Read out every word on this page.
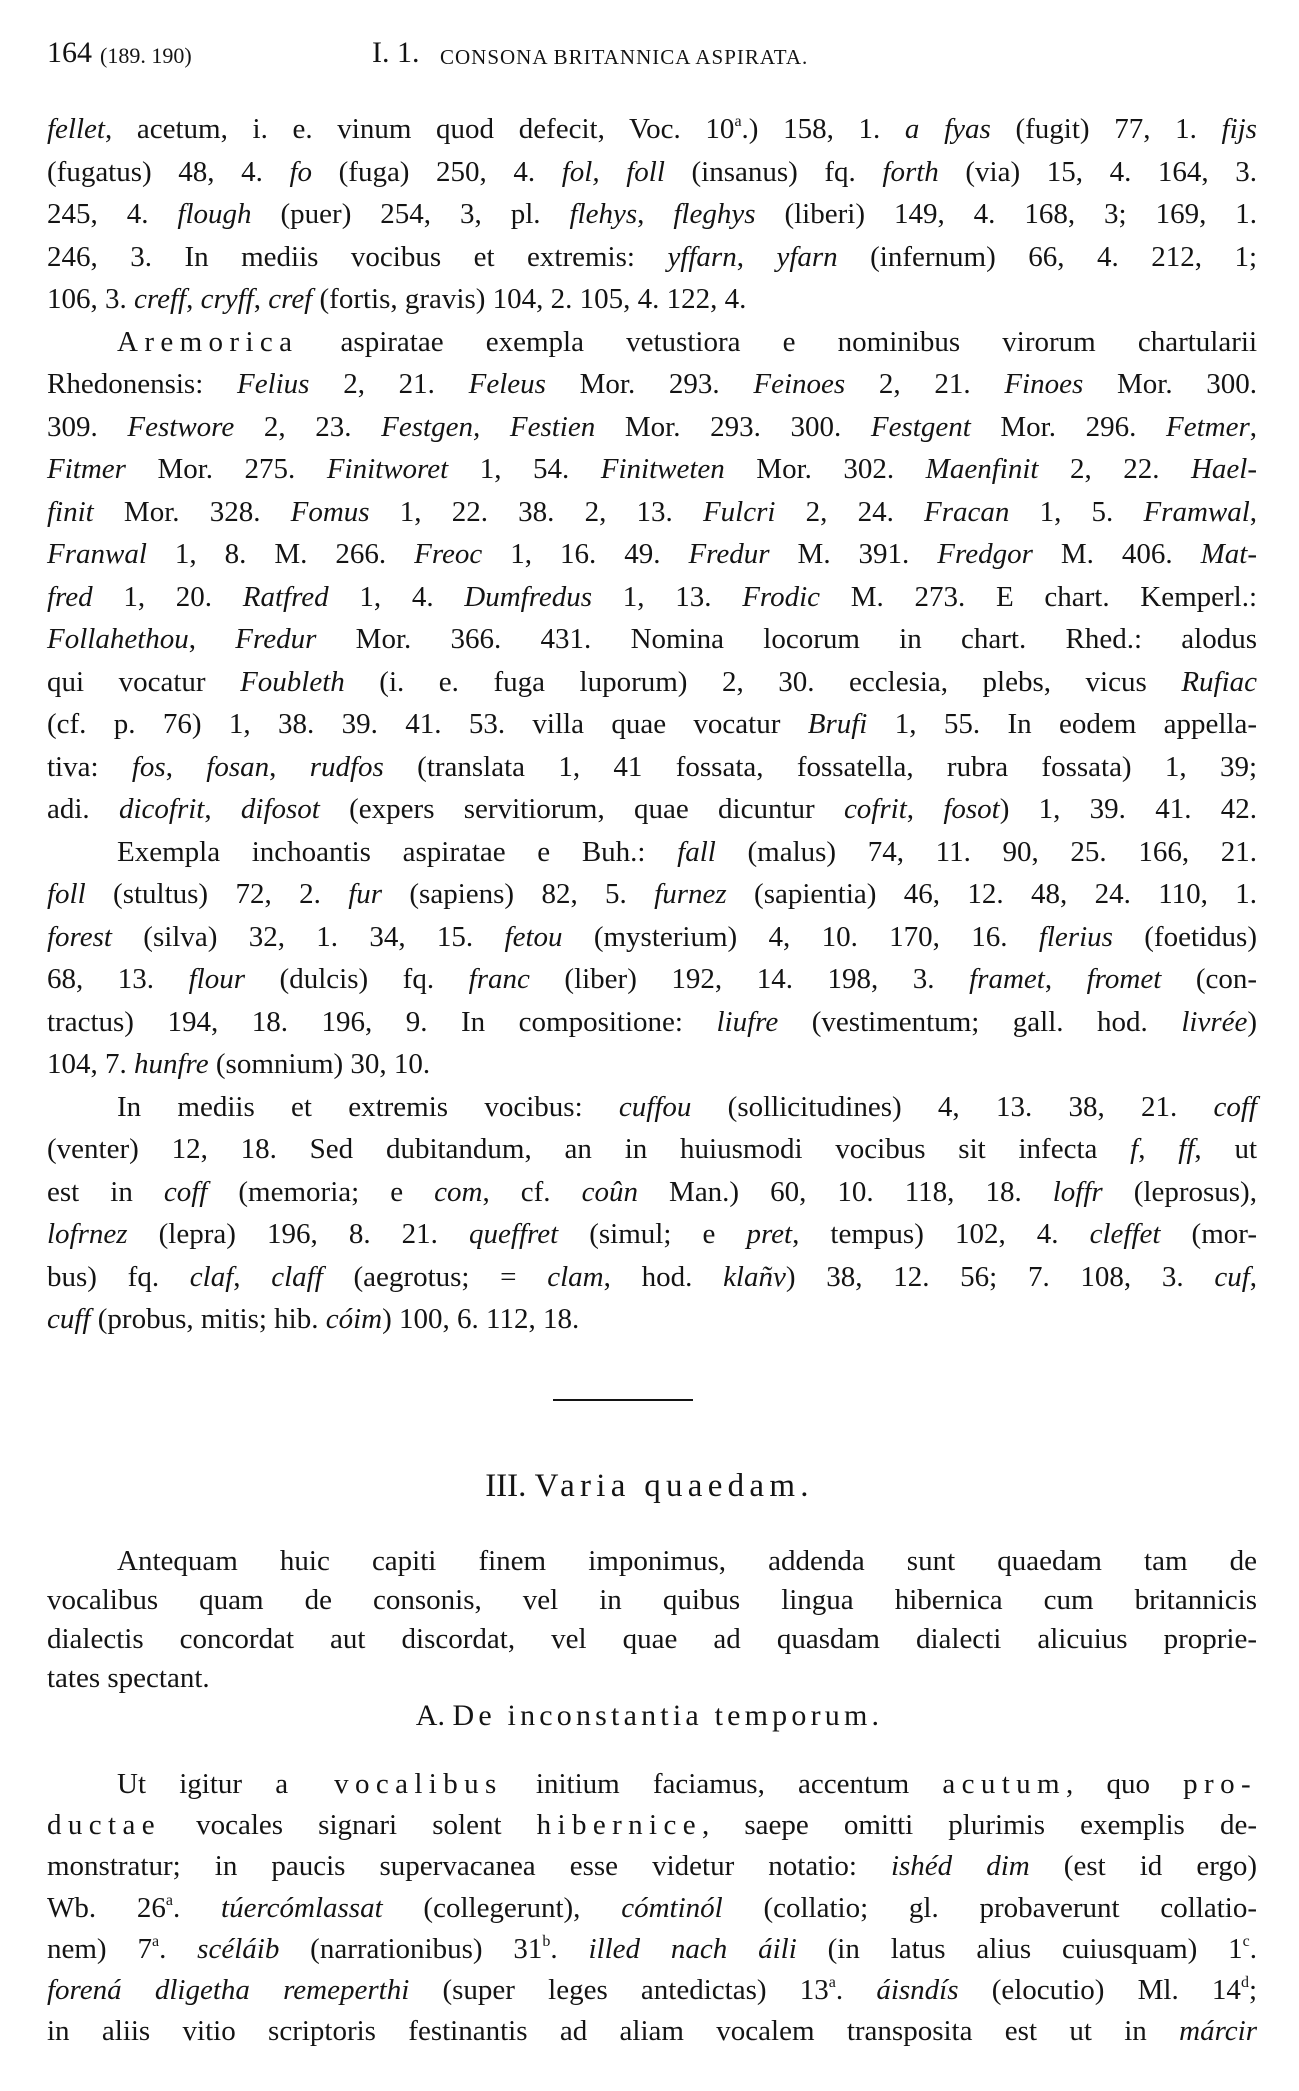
164 (189. 190)	I. 1. CONSONA BRITANNICA ASPIRATA.
fellet, acetum, i. e. vinum quod defecit, Voc. 10$^a$.) 158, 1. a fyas (fugit) 77, 1. fijs
(fugatus) 48, 4. fo (fuga) 250, 4. fol, foll (insanus) fq. forth (via) 15, 4. 164, 3.
245, 4. flough (puer) 254, 3, pl. flehys, fleghys (liberi) 149, 4. 168, 3; 169, 1.
246, 3. In mediis vocibus et extremis: yffarn, yfarn (infernum) 66, 4. 212, 1;
106, 3. creff, cryff, cref (fortis, gravis) 104, 2. 105, 4. 122, 4.
Aremorica aspiratae exempla vetustiora e nominibus virorum chartularii
Rhedonensis: Felius 2, 21. Feleus Mor. 293. Feinoes 2, 21. Finoes Mor. 300.
309. Festwore 2, 23. Festgen, Festien Mor. 293. 300. Festgent Mor. 296. Fetmer,
Fitmer Mor. 275. Finitworet 1, 54. Finitweten Mor. 302. Maenfinit 2, 22. Hael-
finit Mor. 328. Fomus 1, 22. 38. 2, 13. Fulcri 2, 24. Fracan 1, 5. Framwal,
Franwal 1, 8. M. 266. Freoc 1, 16. 49. Fredur M. 391. Fredgor M. 406. Mat-
fred 1, 20. Ratfred 1, 4. Dumfredus 1, 13. Frodic M. 273. E chart. Kemperl.:
Follahethou, Fredur Mor. 366. 431. Nomina locorum in chart. Rhed.: alodus
qui vocatur Foubleth (i. e. fuga luporum) 2, 30. ecclesia, plebs, vicus Rufiac
(cf. p. 76) 1, 38. 39. 41. 53. villa quae vocatur Brufi 1, 55. In eodem appella-
tiva: fos, fosan, rudfos (translata 1, 41 fossata, fossatella, rubra fossata) 1, 39;
adi. dicofrit, difosot (expers servitiorum, quae dicuntur cofrit, fosot) 1, 39. 41. 42.
Exempla inchoantis aspiratae e Buh.: fall (malus) 74, 11. 90, 25. 166, 21.
foll (stultus) 72, 2. fur (sapiens) 82, 5. furnez (sapientia) 46, 12. 48, 24. 110, 1.
forest (silva) 32, 1. 34, 15. fetou (mysterium) 4, 10. 170, 16. flerius (foetidus)
68, 13. flour (dulcis) fq. franc (liber) 192, 14. 198, 3. framet, fromet (con-
tractus) 194, 18. 196, 9. In compositione: liufre (vestimentum; gall. hod. livrée)
104, 7. hunfre (somnium) 30, 10.
In mediis et extremis vocibus: cuffou (sollicitudines) 4, 13. 38, 21. coff
(venter) 12, 18. Sed dubitandum, an in huiusmodi vocibus sit infecta f, ff, ut
est in coff (memoria; e com, cf. coûn Man.) 60, 10. 118, 18. loffr (leprosus),
lofrnez (lepra) 196, 8. 21. queffret (simul; e pret, tempus) 102, 4. cleffet (mor-
bus) fq. claf, claff (aegrotus; = clam, hod. klañv) 38, 12. 56; 7. 108, 3. cuf,
cuff (probus, mitis; hib. cóim) 100, 6. 112, 18.
III. Varia quaedam.
Antequam huic capiti finem imponimus, addenda sunt quaedam tam de
vocalibus quam de consonis, vel in quibus lingua hibernica cum britannicis
dialectis concordat aut discordat, vel quae ad quasdam dialecti alicuius proprie-
tates spectant.
A. De inconstantia temporum.
Ut igitur a vocalibus initium faciamus, accentum acutum, quo pro-
ductae vocales signari solent hibernice, saepe omitti plurimis exemplis de-
monstratur; in paucis supervacanea esse videtur notatio: ishéd dim (est id ergo)
Wb. 26$^a$. túercómlassat (collegerunt), cómtinól (collatio; gl. probaverunt collatio-
nem) 7$^a$. scéláib (narrationibus) 31$^b$. illed nach áili (in latus alius cuiusquam) 1$^c$.
forená dligetha remeperthi (super leges antedictas) 13$^a$. áisndís (elocutio) Ml. 14$^d$;
in aliis vitio scriptoris festinantis ad aliam vocalem transposita est ut in márcir
